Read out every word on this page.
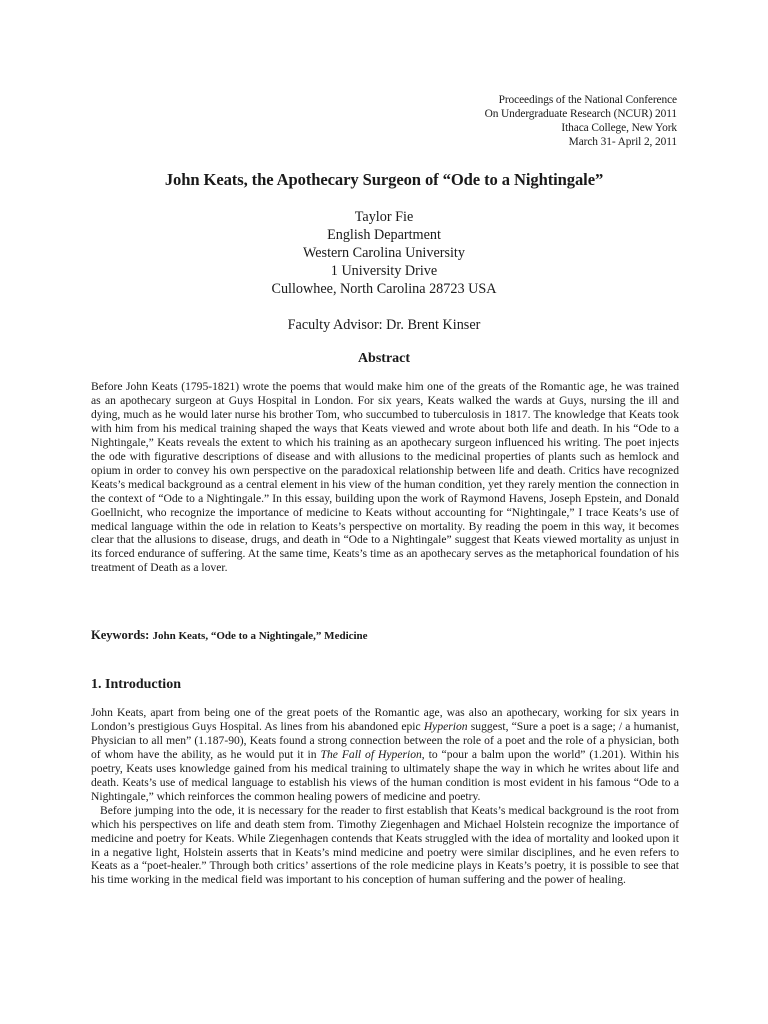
Proceedings of the National Conference
On Undergraduate Research (NCUR) 2011
Ithaca College, New York
March 31- April 2, 2011
John Keats, the Apothecary Surgeon of “Ode to a Nightingale”
Taylor Fie
English Department
Western Carolina University
1 University Drive
Cullowhee, North Carolina 28723 USA
Faculty Advisor: Dr. Brent Kinser
Abstract

Before John Keats (1795-1821) wrote the poems that would make him one of the greats of the Romantic age, he was trained as an apothecary surgeon at Guys Hospital in London. For six years, Keats walked the wards at Guys, nursing the ill and dying, much as he would later nurse his brother Tom, who succumbed to tuberculosis in 1817. The knowledge that Keats took with him from his medical training shaped the ways that Keats viewed and wrote about both life and death. In his “Ode to a Nightingale,” Keats reveals the extent to which his training as an apothecary surgeon influenced his writing. The poet injects the ode with figurative descriptions of disease and with allusions to the medicinal properties of plants such as hemlock and opium in order to convey his own perspective on the paradoxical relationship between life and death. Critics have recognized Keats’s medical background as a central element in his view of the human condition, yet they rarely mention the connection in the context of “Ode to a Nightingale.” In this essay, building upon the work of Raymond Havens, Joseph Epstein, and Donald Goellnicht, who recognize the importance of medicine to Keats without accounting for “Nightingale,” I trace Keats’s use of medical language within the ode in relation to Keats’s perspective on mortality. By reading the poem in this way, it becomes clear that the allusions to disease, drugs, and death in “Ode to a Nightingale” suggest that Keats viewed mortality as unjust in its forced endurance of suffering. At the same time, Keats’s time as an apothecary serves as the metaphorical foundation of his treatment of Death as a lover.

Keywords: John Keats, “Ode to a Nightingale,” Medicine
1. Introduction

John Keats, apart from being one of the great poets of the Romantic age, was also an apothecary, working for six years in London’s prestigious Guys Hospital. As lines from his abandoned epic Hyperion suggest, “Sure a poet is a sage; / a humanist, Physician to all men” (1.187-90), Keats found a strong connection between the role of a poet and the role of a physician, both of whom have the ability, as he would put it in The Fall of Hyperion, to “pour a balm upon the world” (1.201). Within his poetry, Keats uses knowledge gained from his medical training to ultimately shape the way in which he writes about life and death. Keats’s use of medical language to establish his views of the human condition is most evident in his famous “Ode to a Nightingale,” which reinforces the common healing powers of medicine and poetry.

Before jumping into the ode, it is necessary for the reader to first establish that Keats’s medical background is the root from which his perspectives on life and death stem from. Timothy Ziegenhagen and Michael Holstein recognize the importance of medicine and poetry for Keats. While Ziegenhagen contends that Keats struggled with the idea of mortality and looked upon it in a negative light, Holstein asserts that in Keats’s mind medicine and poetry were similar disciplines, and he even refers to Keats as a “poet-healer.” Through both critics’ assertions of the role medicine plays in Keats’s poetry, it is possible to see that his time working in the medical field was important to his conception of human suffering and the power of healing.
